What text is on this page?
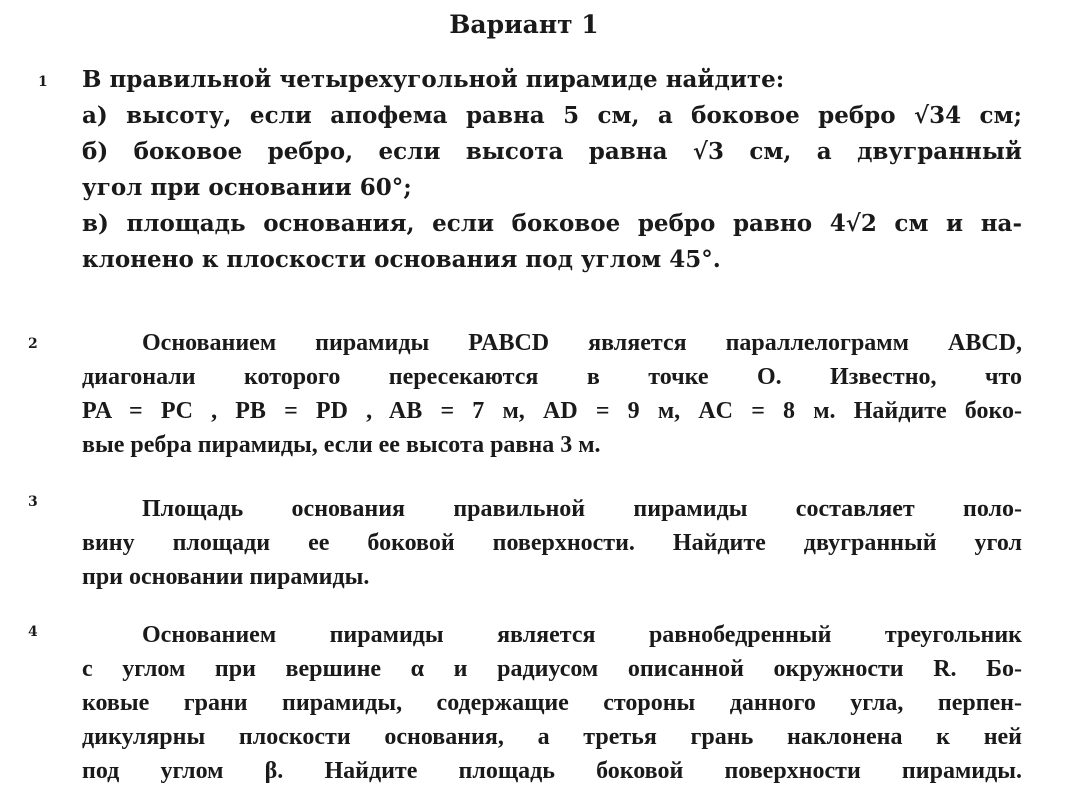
Вариант 1
1 В правильной четырехугольной пирамиде найдите:
а) высоту, если апофема равна 5 см, а боковое ребро √34 см;
б) боковое ребро, если высота равна √3 см, а двугранный
угол при основании 60°;
в) площадь основания, если боковое ребро равно 4√2 см и на-
клонено к плоскости основания под углом 45°.
2	Основанием пирамиды PABCD является параллелограмм ABCD,
диагонали которого пересекаются в точке O. Известно, что
PA = PC , PB = PD , AB = 7 м, AD = 9 м, AC = 8 м. Найдите боко-
вые ребра пирамиды, если ее высота равна 3 м.
3	Площадь основания правильной пирамиды составляет поло-
вину площади ее боковой поверхности. Найдите двугранный угол
при основании пирамиды.
4	Основанием пирамиды является равнобедренный треугольник
с углом при вершине α и радиусом описанной окружности R. Бо-
ковые грани пирамиды, содержащие стороны данного угла, перпен-
дикулярны плоскости основания, а третья грань наклонена к ней
под углом β. Найдите площадь боковой поверхности пирамиды.
